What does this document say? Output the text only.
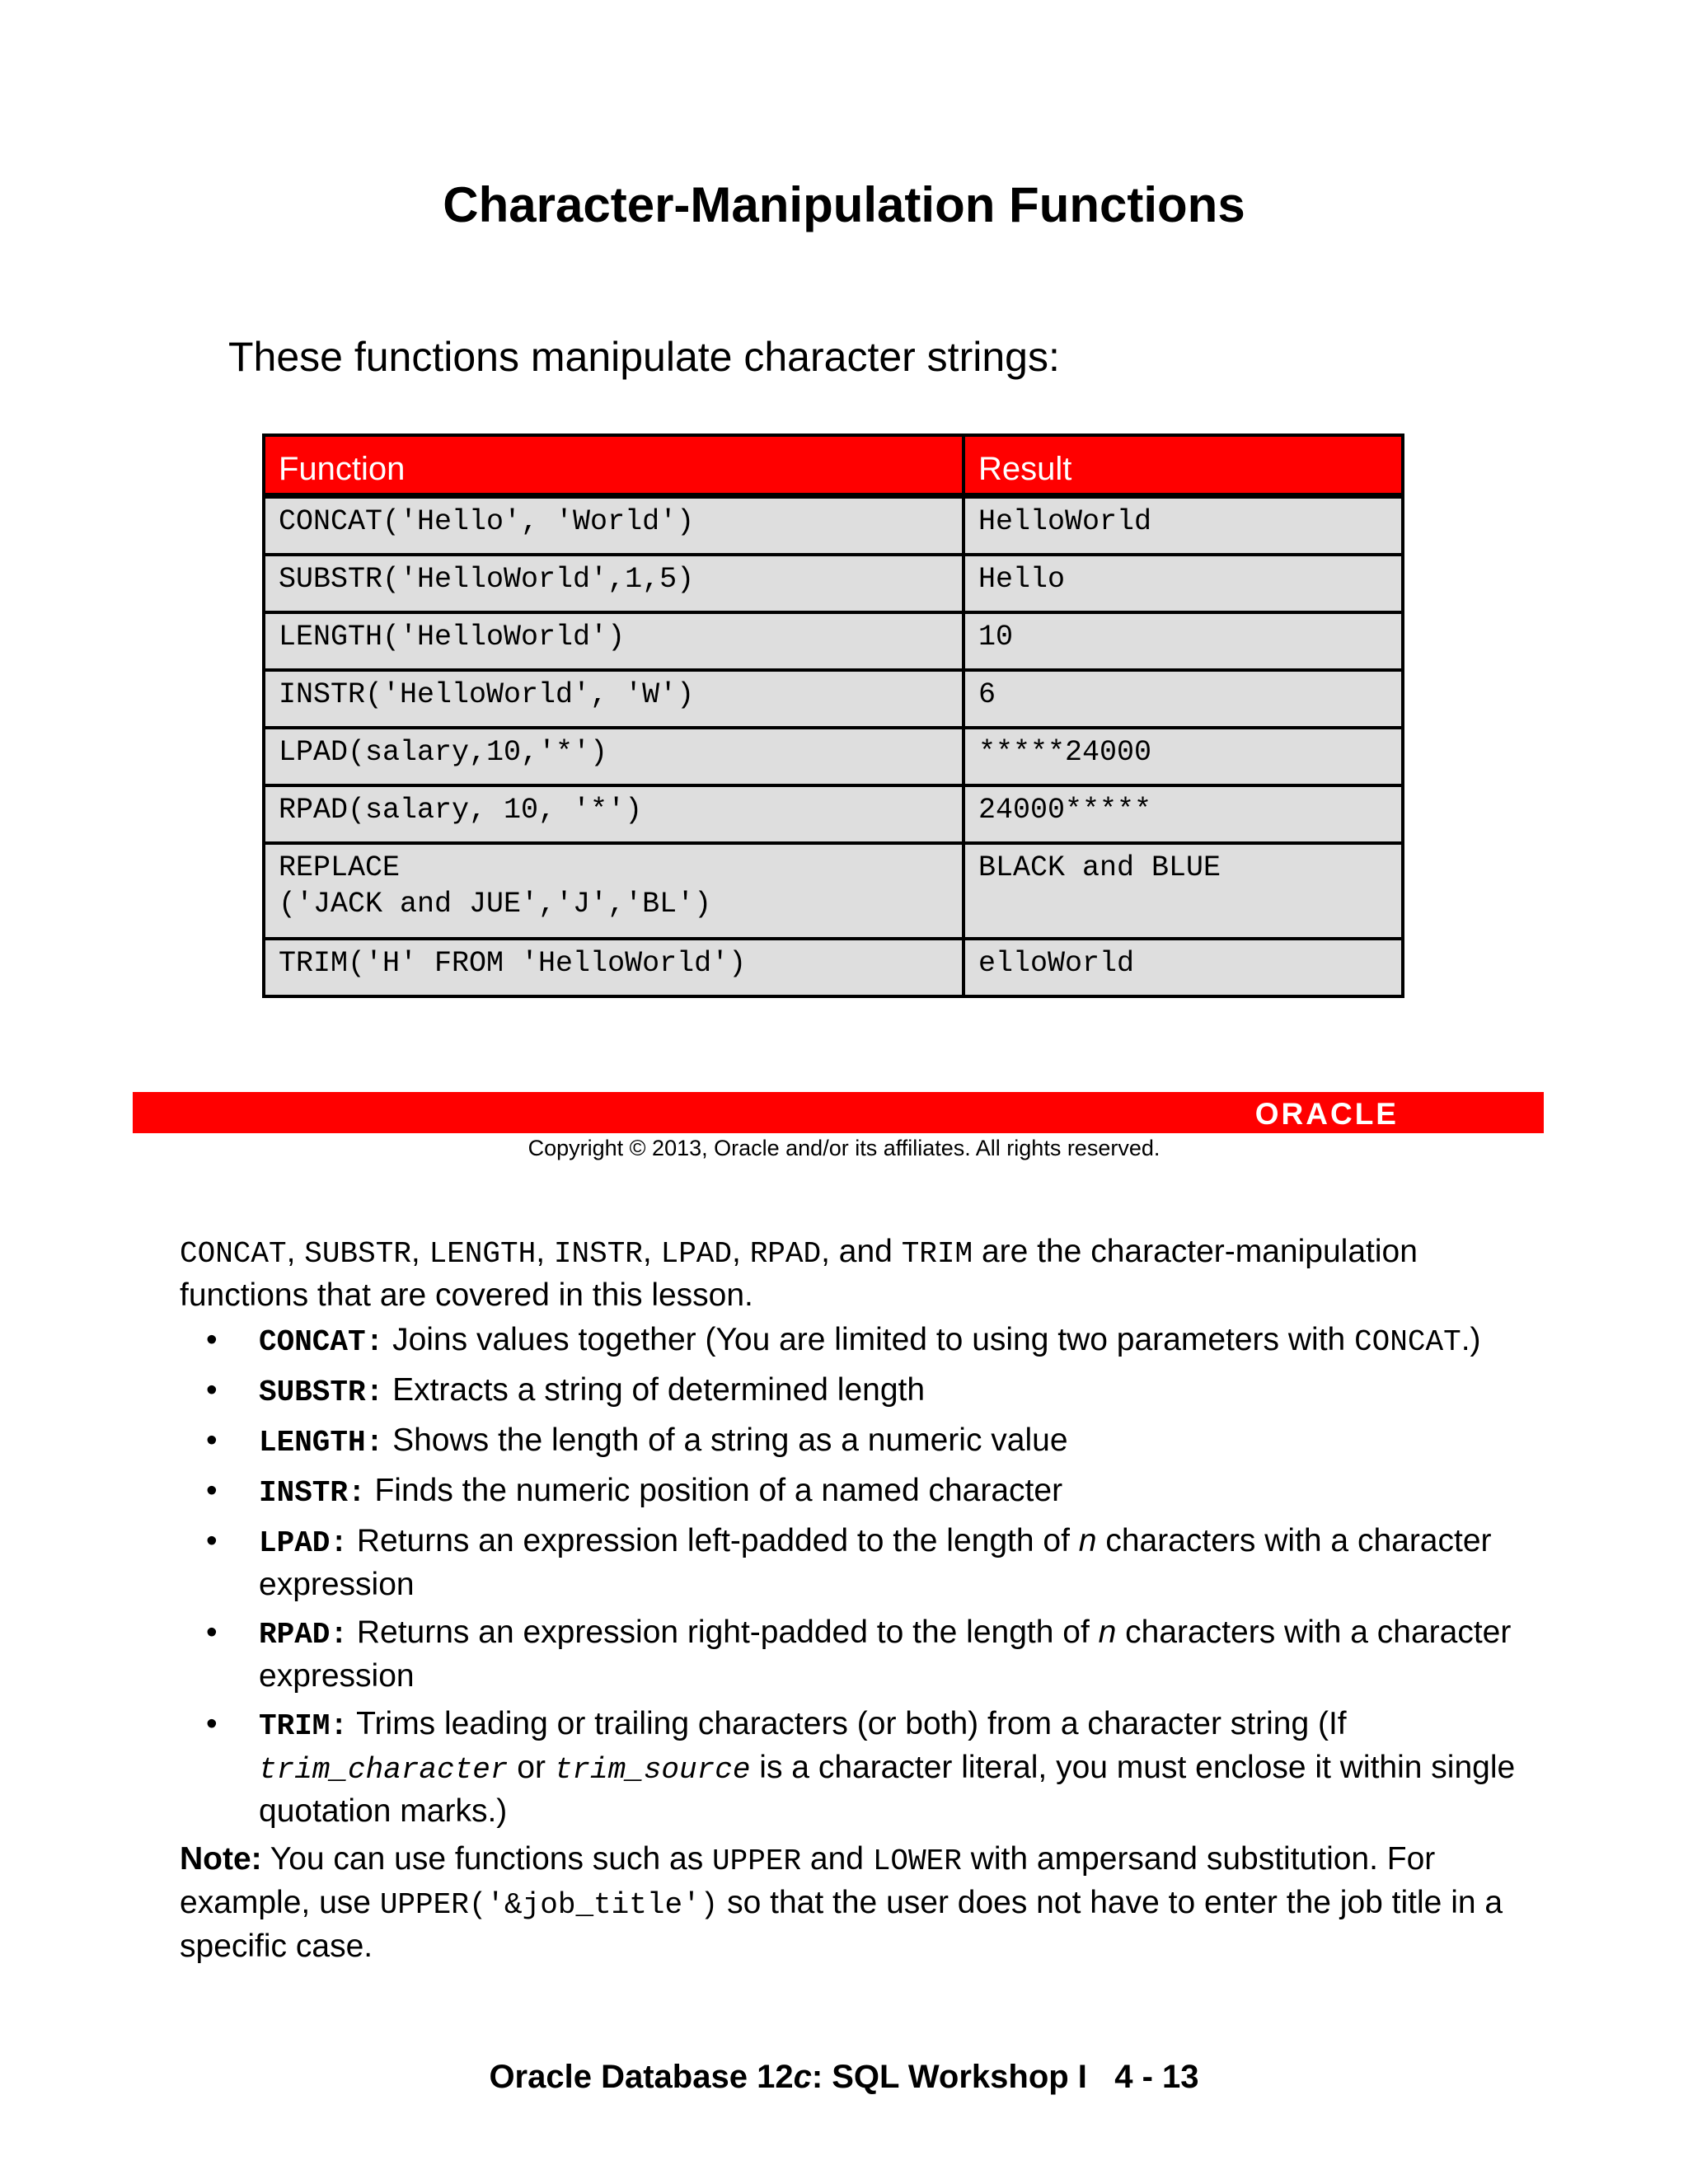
Character-Manipulation Functions

These functions manipulate character strings:

Function	Result
CONCAT('Hello', 'World')	HelloWorld
SUBSTR('HelloWorld',1,5)	Hello
LENGTH('HelloWorld')	10
INSTR('HelloWorld', 'W')	6
LPAD(salary,10,'*')	*****24000
RPAD(salary, 10, '*')	24000*****
REPLACE
('JACK and JUE','J','BL')	BLACK and BLUE
TRIM('H' FROM 'HelloWorld')	elloWorld
ORACLE
Copyright © 2013, Oracle and/or its affiliates. All rights reserved.

CONCAT, SUBSTR, LENGTH, INSTR, LPAD, RPAD, and TRIM are the character-manipulation functions that are covered in this lesson.

• CONCAT: Joins values together (You are limited to using two parameters with CONCAT.)
• SUBSTR: Extracts a string of determined length
• LENGTH: Shows the length of a string as a numeric value
• INSTR: Finds the numeric position of a named character
• LPAD: Returns an expression left-padded to the length of n characters with a character expression
• RPAD: Returns an expression right-padded to the length of n characters with a character expression
• TRIM: Trims leading or trailing characters (or both) from a character string (If trim_character or trim_source is a character literal, you must enclose it within single quotation marks.)

Note: You can use functions such as UPPER and LOWER with ampersand substitution. For example, use UPPER('&job_title') so that the user does not have to enter the job title in a specific case.

Oracle Database 12c: SQL Workshop I   4 - 13
